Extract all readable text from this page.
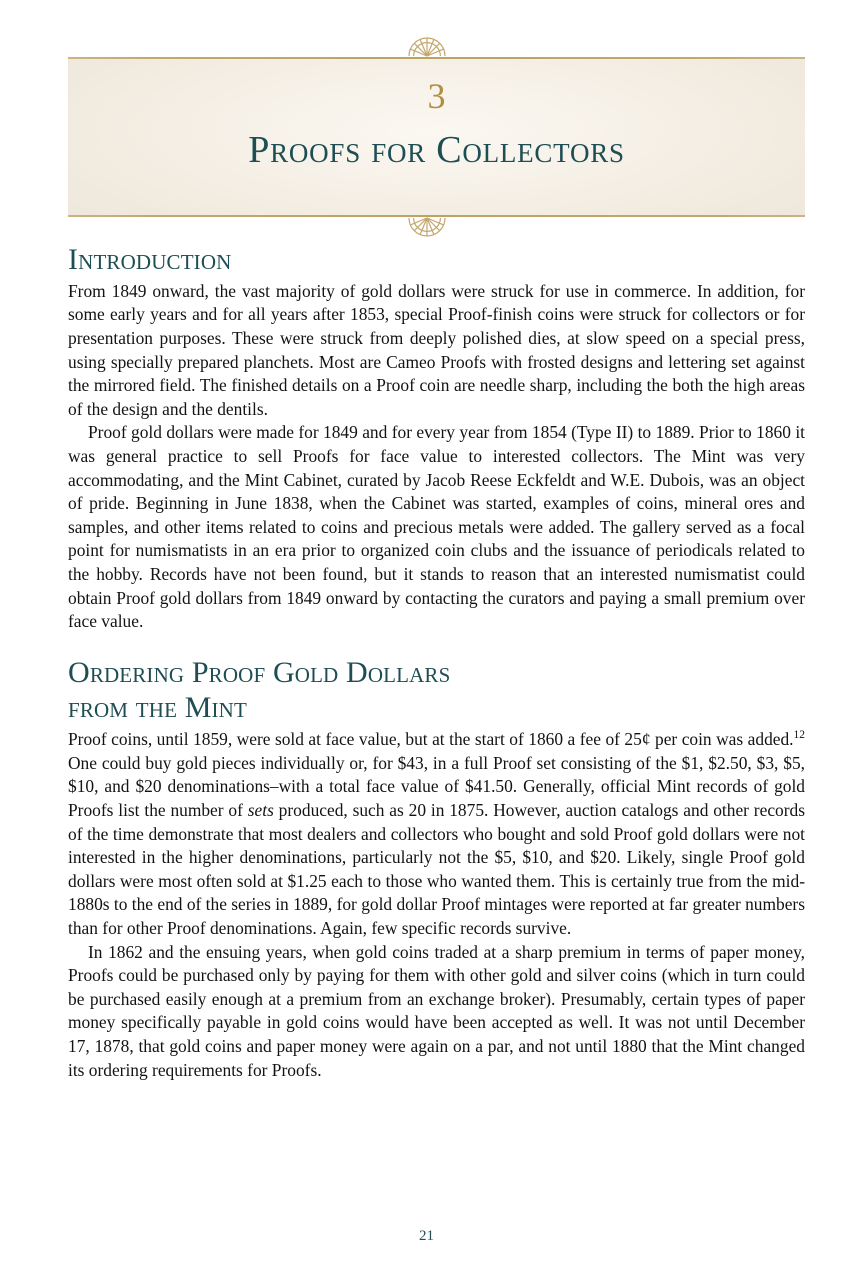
3
Proofs for Collectors
Introduction

From 1849 onward, the vast majority of gold dollars were struck for use in commerce. In addition, for some early years and for all years after 1853, special Proof-finish coins were struck for collectors or for presentation purposes. These were struck from deeply polished dies, at slow speed on a special press, using specially prepared planchets. Most are Cameo Proofs with frosted designs and lettering set against the mirrored field. The finished details on a Proof coin are needle sharp, including the both the high areas of the design and the dentils.

Proof gold dollars were made for 1849 and for every year from 1854 (Type II) to 1889. Prior to 1860 it was general practice to sell Proofs for face value to interested collectors. The Mint was very accommodating, and the Mint Cabinet, curated by Jacob Reese Eckfeldt and W.E. Dubois, was an object of pride. Beginning in June 1838, when the Cabinet was started, examples of coins, mineral ores and samples, and other items related to coins and precious metals were added. The gallery served as a focal point for numismatists in an era prior to organized coin clubs and the issuance of periodicals related to the hobby. Records have not been found, but it stands to reason that an interested numismatist could obtain Proof gold dollars from 1849 onward by contacting the curators and paying a small premium over face value.

Ordering Proof Gold Dollars
from the Mint

Proof coins, until 1859, were sold at face value, but at the start of 1860 a fee of 25¢ per coin was added.$^{12}$ One could buy gold pieces individually or, for $43, in a full Proof set consisting of the $1, $2.50, $3, $5, $10, and $20 denominations–with a total face value of $41.50. Generally, official Mint records of gold Proofs list the number of sets produced, such as 20 in 1875. However, auction catalogs and other records of the time demonstrate that most dealers and collectors who bought and sold Proof gold dollars were not interested in the higher denominations, particularly not the $5, $10, and $20. Likely, single Proof gold dollars were most often sold at $1.25 each to those who wanted them. This is certainly true from the mid-1880s to the end of the series in 1889, for gold dollar Proof mintages were reported at far greater numbers than for other Proof denominations. Again, few specific records survive.

In 1862 and the ensuing years, when gold coins traded at a sharp premium in terms of paper money, Proofs could be purchased only by paying for them with other gold and silver coins (which in turn could be purchased easily enough at a premium from an exchange broker). Presumably, certain types of paper money specifically payable in gold coins would have been accepted as well. It was not until December 17, 1878, that gold coins and paper money were again on a par, and not until 1880 that the Mint changed its ordering requirements for Proofs.

21
